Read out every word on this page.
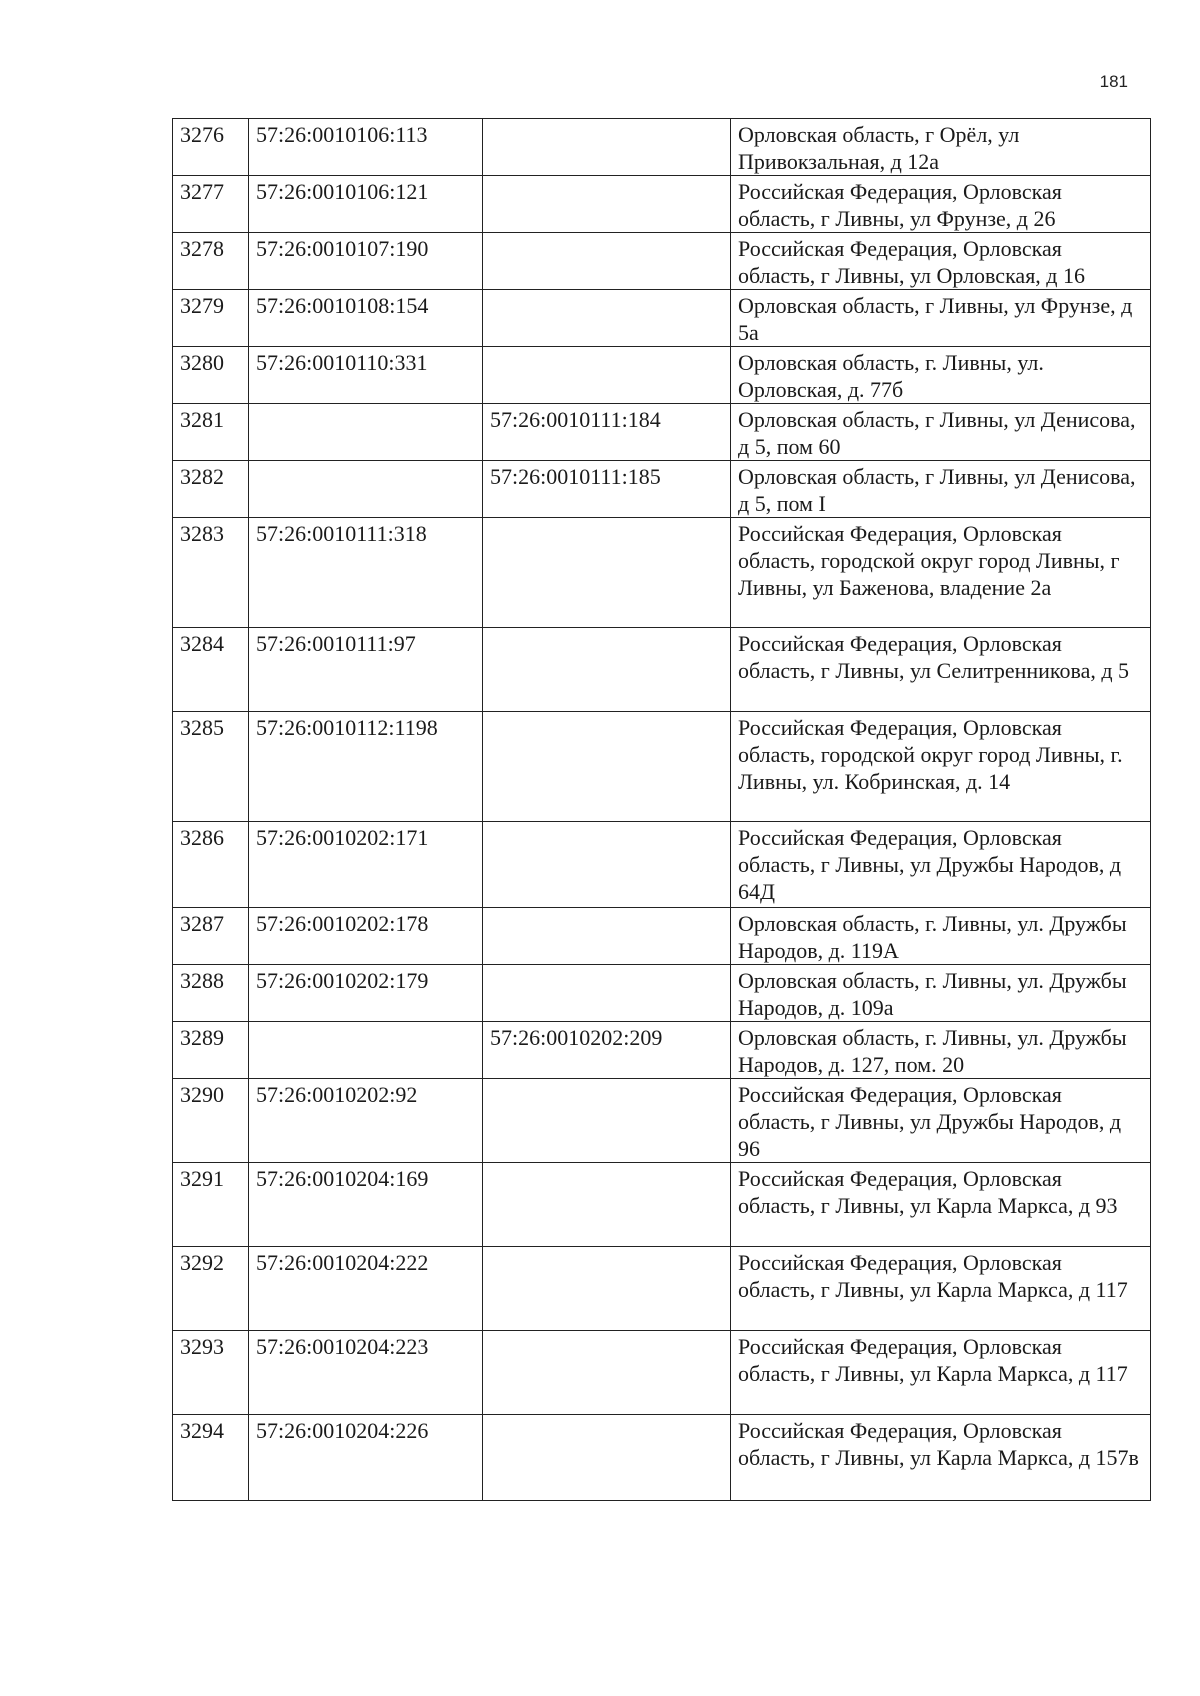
181
3276	57:26:0010106:113		Орловская область, г Орёл, ул Привокзальная, д 12а
3277	57:26:0010106:121		Российская Федерация, Орловская область, г Ливны, ул Фрунзе, д 26
3278	57:26:0010107:190		Российская Федерация, Орловская область, г Ливны, ул Орловская, д 16
3279	57:26:0010108:154		Орловская область, г Ливны, ул Фрунзе, д 5а
3280	57:26:0010110:331		Орловская область, г. Ливны, ул. Орловская, д. 77б
3281		57:26:0010111:184	Орловская область, г Ливны, ул Денисова, д 5, пом 60
3282		57:26:0010111:185	Орловская область, г Ливны, ул Денисова, д 5, пом I
3283	57:26:0010111:318		Российская Федерация, Орловская область, городской округ город Ливны, г Ливны, ул Баженова, владение 2а
3284	57:26:0010111:97		Российская Федерация, Орловская область, г Ливны, ул Селитренникова, д 5
3285	57:26:0010112:1198		Российская Федерация, Орловская область, городской округ город Ливны, г. Ливны, ул. Кобринская, д. 14
3286	57:26:0010202:171		Российская Федерация, Орловская область, г Ливны, ул Дружбы Народов, д 64Д
3287	57:26:0010202:178		Орловская область, г. Ливны, ул. Дружбы Народов, д. 119А
3288	57:26:0010202:179		Орловская область, г. Ливны, ул. Дружбы Народов, д. 109а
3289		57:26:0010202:209	Орловская область, г. Ливны, ул. Дружбы Народов, д. 127, пом. 20
3290	57:26:0010202:92		Российская Федерация, Орловская область, г Ливны, ул Дружбы Народов, д 96
3291	57:26:0010204:169		Российская Федерация, Орловская область, г Ливны, ул Карла Маркса, д 93
3292	57:26:0010204:222		Российская Федерация, Орловская область, г Ливны, ул Карла Маркса, д 117
3293	57:26:0010204:223		Российская Федерация, Орловская область, г Ливны, ул Карла Маркса, д 117
3294	57:26:0010204:226		Российская Федерация, Орловская область, г Ливны, ул Карла Маркса, д 157в
